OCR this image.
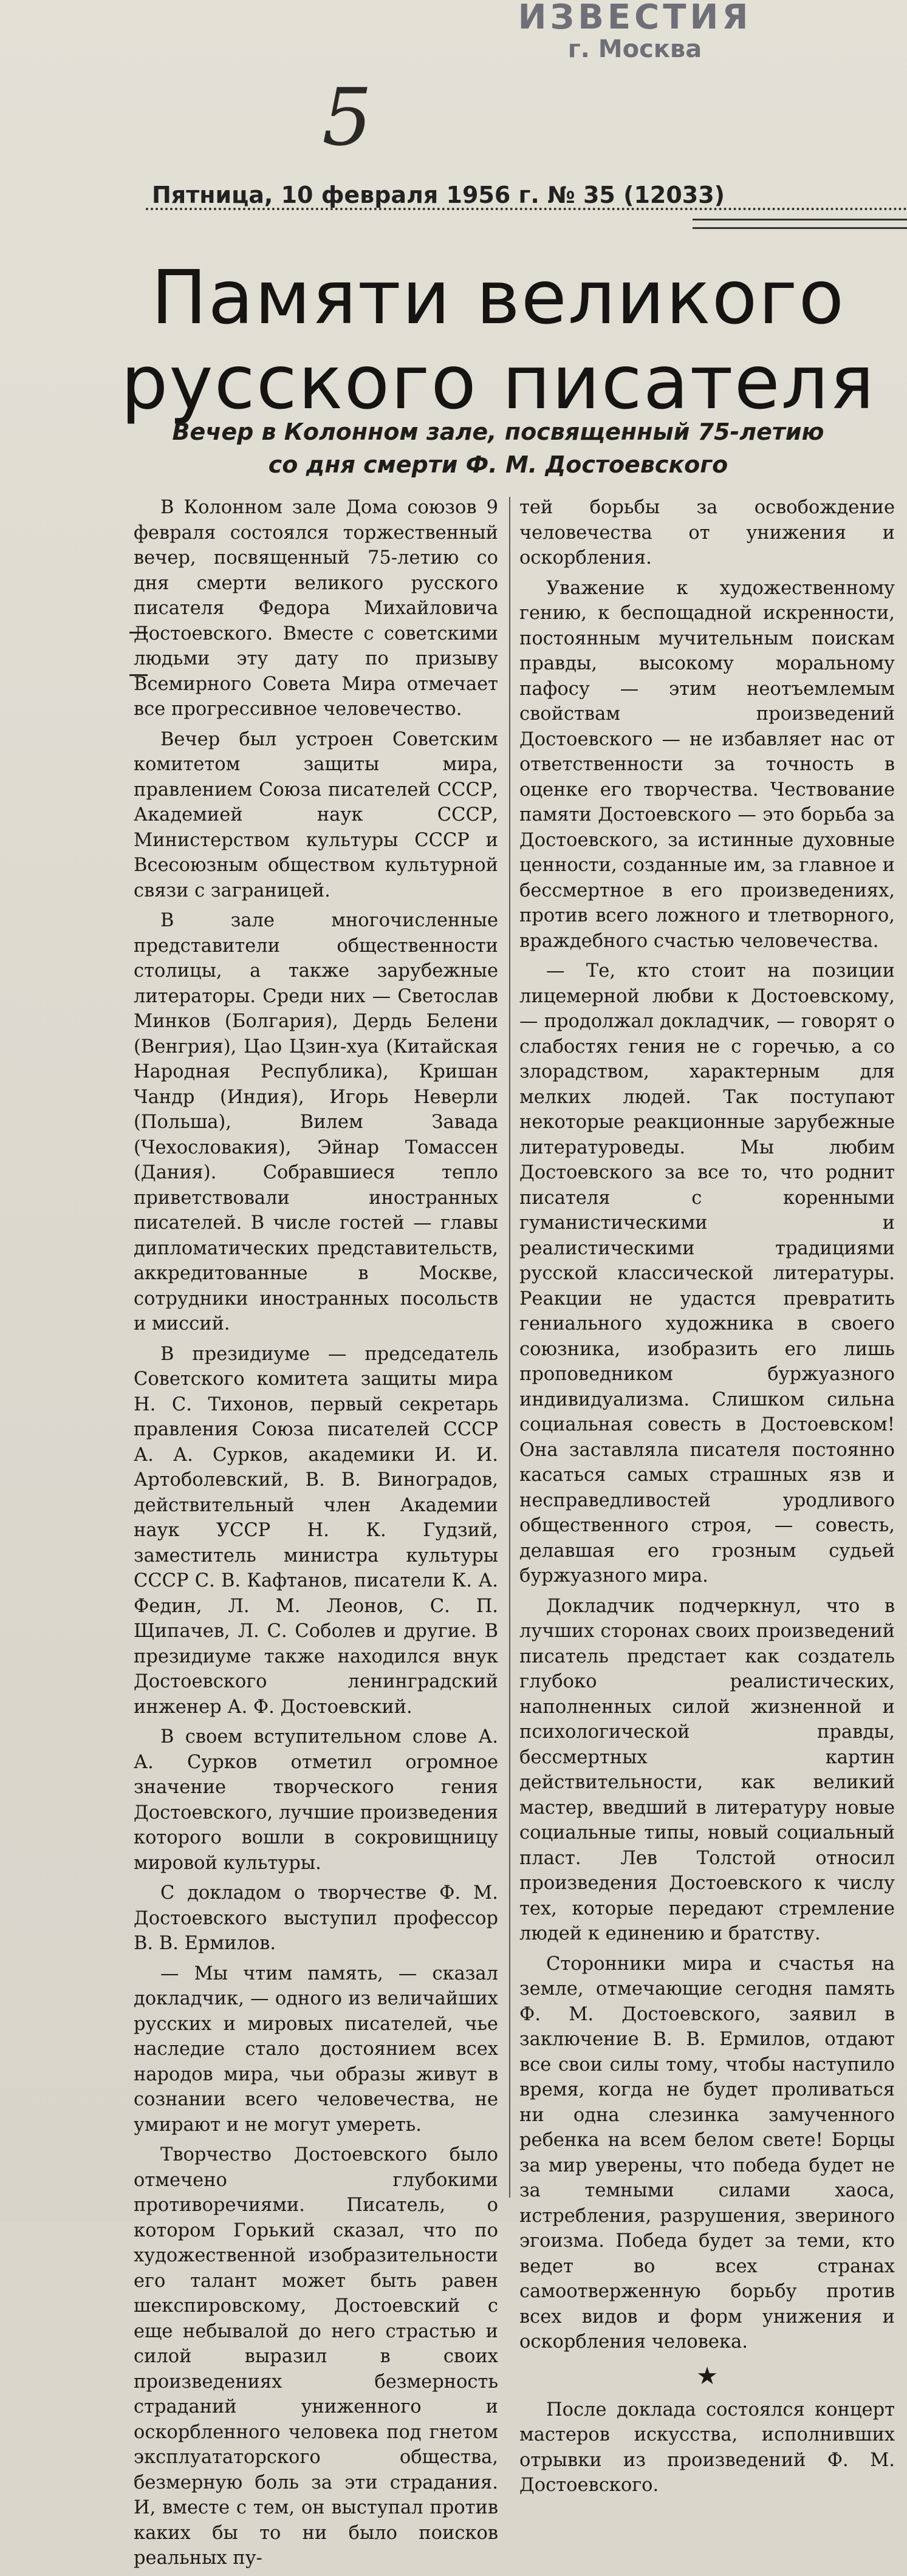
ИЗВЕСТИЯ
г. Москва
5
Пятница, 10 февраля 1956 г. № 35 (12033)
Памяти великого
русского писателя
Вечер в Колонном зале, посвященный 75-летию
со дня смерти Ф. М. Достоевского

В Колонном зале Дома союзов 9 февраля состоялся торжественный вечер, посвященный 75-летию со дня смерти великого русского писателя Федора Михайловича Достоевского. Вместе с советскими людьми эту дату по призыву Всемирного Совета Мира отмечает все прогрессивное человечество.

Вечер был устроен Советским комитетом защиты мира, правлением Союза писателей СССР, Академией наук СССР, Министерством культуры СССР и Всесоюзным обществом культурной связи с заграницей.

В зале многочисленные представители общественности столицы, а также зарубежные литераторы. Среди них — Светослав Минков (Болгария), Дердь Белени (Венгрия), Цао Цзин-хуа (Китайская Народная Республика), Кришан Чандр (Индия), Игорь Неверли (Польша), Вилем Завада (Чехословакия), Эйнар Томассен (Дания). Собравшиеся тепло приветствовали иностранных писателей. В числе гостей — главы дипломатических представительств, аккредитованные в Москве, сотрудники иностранных посольств и миссий.

В президиуме — председатель Советского комитета защиты мира Н. С. Тихонов, первый секретарь правления Союза писателей СССР А. А. Сурков, академики И. И. Артоболевский, В. В. Виноградов, действительный член Академии наук УССР Н. К. Гудзий, заместитель министра культуры СССР С. В. Кафтанов, писатели К. А. Федин, Л. М. Леонов, С. П. Щипачев, Л. С. Соболев и другие. В президиуме также находился внук Достоевского ленинградский инженер А. Ф. Достоевский.

В своем вступительном слове А. А. Сурков отметил огромное значение творческого гения Достоевского, лучшие произведения которого вошли в сокровищницу мировой культуры.

С докладом о творчестве Ф. М. Достоевского выступил профессор В. В. Ермилов.

— Мы чтим память, — сказал докладчик, — одного из величайших русских и мировых писателей, чье наследие стало достоянием всех народов мира, чьи образы живут в сознании всего человечества, не умирают и не могут умереть.

Творчество Достоевского было отмечено глубокими противоречиями. Писатель, о котором Горький сказал, что по художественной изобразительности его талант может быть равен шекспировскому, Достоевский с еще небывалой до него страстью и силой выразил в своих произведениях безмерность страданий униженного и оскорбленного человека под гнетом эксплуататорского общества, безмерную боль за эти страдания. И, вместе с тем, он выступал против каких бы то ни было поисков реальных пу-

тей борьбы за освобождение человечества от унижения и оскорбления.

Уважение к художественному гению, к беспощадной искренности, постоянным мучительным поискам правды, высокому моральному пафосу — этим неотъемлемым свойствам произведений Достоевского — не избавляет нас от ответственности за точность в оценке его творчества. Чествование памяти Достоевского — это борьба за Достоевского, за истинные духовные ценности, созданные им, за главное и бессмертное в его произведениях, против всего ложного и тлетворного, враждебного счастью человечества.

— Те, кто стоит на позиции лицемерной любви к Достоевскому, — продолжал докладчик, — говорят о слабостях гения не с горечью, а со злорадством, характерным для мелких людей. Так поступают некоторые реакционные зарубежные литературоведы. Мы любим Достоевского за все то, что роднит писателя с коренными гуманистическими и реалистическими традициями русской классической литературы. Реакции не удастся превратить гениального художника в своего союзника, изобразить его лишь проповедником буржуазного индивидуализма. Слишком сильна социальная совесть в Достоевском! Она заставляла писателя постоянно касаться самых страшных язв и несправедливостей уродливого общественного строя, — совесть, делавшая его грозным судьей буржуазного мира.

Докладчик подчеркнул, что в лучших сторонах своих произведений писатель предстает как создатель глубоко реалистических, наполненных силой жизненной и психологической правды, бессмертных картин действительности, как великий мастер, введший в литературу новые социальные типы, новый социальный пласт. Лев Толстой относил произведения Достоевского к числу тех, которые передают стремление людей к единению и братству.

Сторонники мира и счастья на земле, отмечающие сегодня память Ф. М. Достоевского, заявил в заключение В. В. Ермилов, отдают все свои силы тому, чтобы наступило время, когда не будет проливаться ни одна слезинка замученного ребенка на всем белом свете! Борцы за мир уверены, что победа будет не за темными силами хаоса, истребления, разрушения, звериного эгоизма. Победа будет за теми, кто ведет во всех странах самоотверженную борьбу против всех видов и форм унижения и оскорбления человека.

★

После доклада состоялся концерт мастеров искусства, исполнивших отрывки из произведений Ф. М. Достоевского.
